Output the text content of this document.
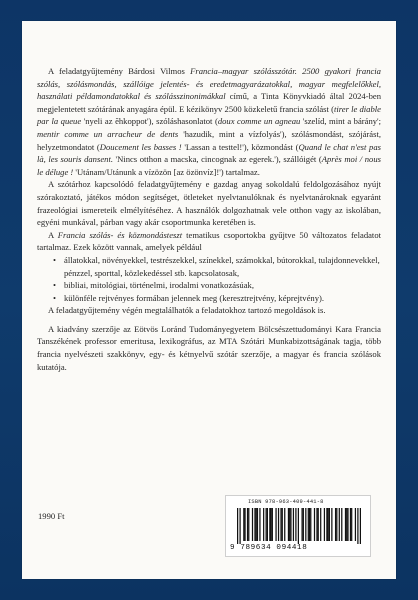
A feladatgyűjtemény Bárdosi Vilmos Francia–magyar szólásszótár. 2500 gyakori francia szólás, szólásmondás, szállóige jelentés- és eredetmagyarázatokkal, magyar megfelelőkkel, használati példamondatokkal és szólásszinonimákkal című, a Tinta Könyvkiadó által 2024-ben megjelentetett szótárának anyagára épül. E kézikönyv 2500 közkeletű francia szólást (tirer le diable par la queue 'nyeli az ĕhkoppot'), szóláshasonlatot (doux comme un agneau 'szelíd, mint a bárány'; mentir comme un arracheur de dents 'hazudik, mint a vízfolyás'), szólásmondást, szójárást, helyzetmondatot (Doucement les basses ! 'Lassan a testtel!'), közmondást (Quand le chat n'est pas là, les souris dansent. 'Nincs otthon a macska, cincognak az egerek.'), szállóigét (Après moi / nous le déluge ! 'Utánam/Utánunk a vízözön [az özönvíz]!') tartalmaz.

A szótárhoz kapcsolódó feladatgyűjtemény e gazdag anyag sokoldalú feldolgozásához nyújt szórakoztató, játékos módon segítséget, ötleteket nyelvtanulóknak és nyelvtanároknak egyaránt frazeológiai ismereteik elmélyítéséhez. A használók dolgozhatnak vele otthon vagy az iskolában, egyéni munkával, párban vagy akár csoportmunka keretében is.

A Francia szólás- és közmondásteszt tematikus csoportokba gyűjtve 50 változatos feladatot tartalmaz. Ezek között vannak, amelyek például

• állatokkal, növényekkel, testrészekkel, színekkel, számokkal, bútorokkal, tulajdonnevekkel, pénzzel, sporttal, közlekedéssel stb. kapcsolatosak,
• bibliai, mitológiai, történelmi, irodalmi vonatkozásúak,
• különféle rejtvényes formában jelennek meg (keresztrejtvény, képrejtvény).

A feladatgyűjtemény végén megtalálhatók a feladatokhoz tartozó megoldások is.

A kiadvány szerzője az Eötvös Loránd Tudományegyetem Bölcsészettudományi Kara Francia Tanszékének professor emeritusa, lexikográfus, az MTA Szótári Munkabizottságának tagja, több francia nyelvészeti szakkönyv, egy- és kétnyelvű szótár szerzője, a magyar és francia szólások kutatója.

1990 Ft
ISBN 978-963-409-441-8
9 789634 094418
